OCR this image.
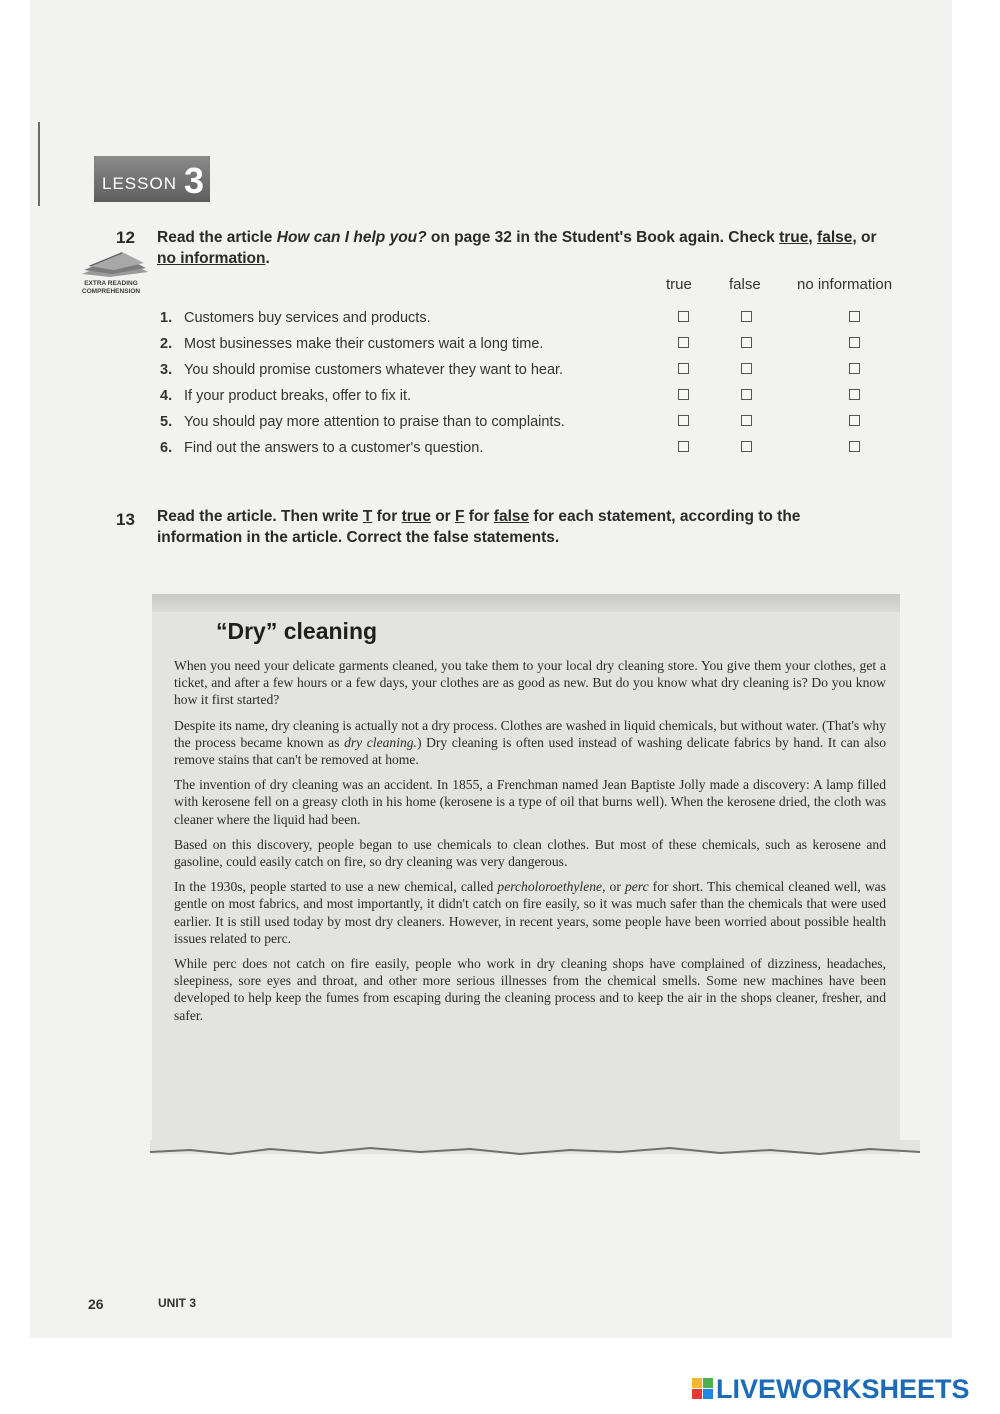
LESSON 3
12 Read the article How can I help you? on page 32 in the Student's Book again. Check true, false, or
no information.
EXTRA READING
COMPREHENSION	true false no information
1. Customers buy services and products.
2. Most businesses make their customers wait a long time.
3. You should promise customers whatever they want to hear.
4. If your product breaks, offer to fix it.
5. You should pay more attention to praise than to complaints.
6. Find out the answers to a customer's question.
13 Read the article. Then write T for true or F for false for each statement, according to the information in the article. Correct the false statements.
“Dry” cleaning

When you need your delicate garments cleaned, you take them to your local dry cleaning store. You give them your clothes, get a ticket, and after a few hours or a few days, your clothes are as good as new. But do you know what dry cleaning is? Do you know how it first started?

Despite its name, dry cleaning is actually not a dry process. Clothes are washed in liquid chemicals, but without water. (That's why the process became known as dry cleaning.) Dry cleaning is often used instead of washing delicate fabrics by hand. It can also remove stains that can't be removed at home.

The invention of dry cleaning was an accident. In 1855, a Frenchman named Jean Baptiste Jolly made a discovery: A lamp filled with kerosene fell on a greasy cloth in his home (kerosene is a type of oil that burns well). When the kerosene dried, the cloth was cleaner where the liquid had been.

Based on this discovery, people began to use chemicals to clean clothes. But most of these chemicals, such as kerosene and gasoline, could easily catch on fire, so dry cleaning was very dangerous.

In the 1930s, people started to use a new chemical, called percholoroethylene, or perc for short. This chemical cleaned well, was gentle on most fabrics, and most importantly, it didn't catch on fire easily, so it was much safer than the chemicals that were used earlier. It is still used today by most dry cleaners. However, in recent years, some people have been worried about possible health issues related to perc.

While perc does not catch on fire easily, people who work in dry cleaning shops have complained of dizziness, headaches, sleepiness, sore eyes and throat, and other more serious illnesses from the chemical smells. Some new machines have been developed to help keep the fumes from escaping during the cleaning process and to keep the air in the shops cleaner, fresher, and safer.

26	UNIT 3
LIVEWORKSHEETS
